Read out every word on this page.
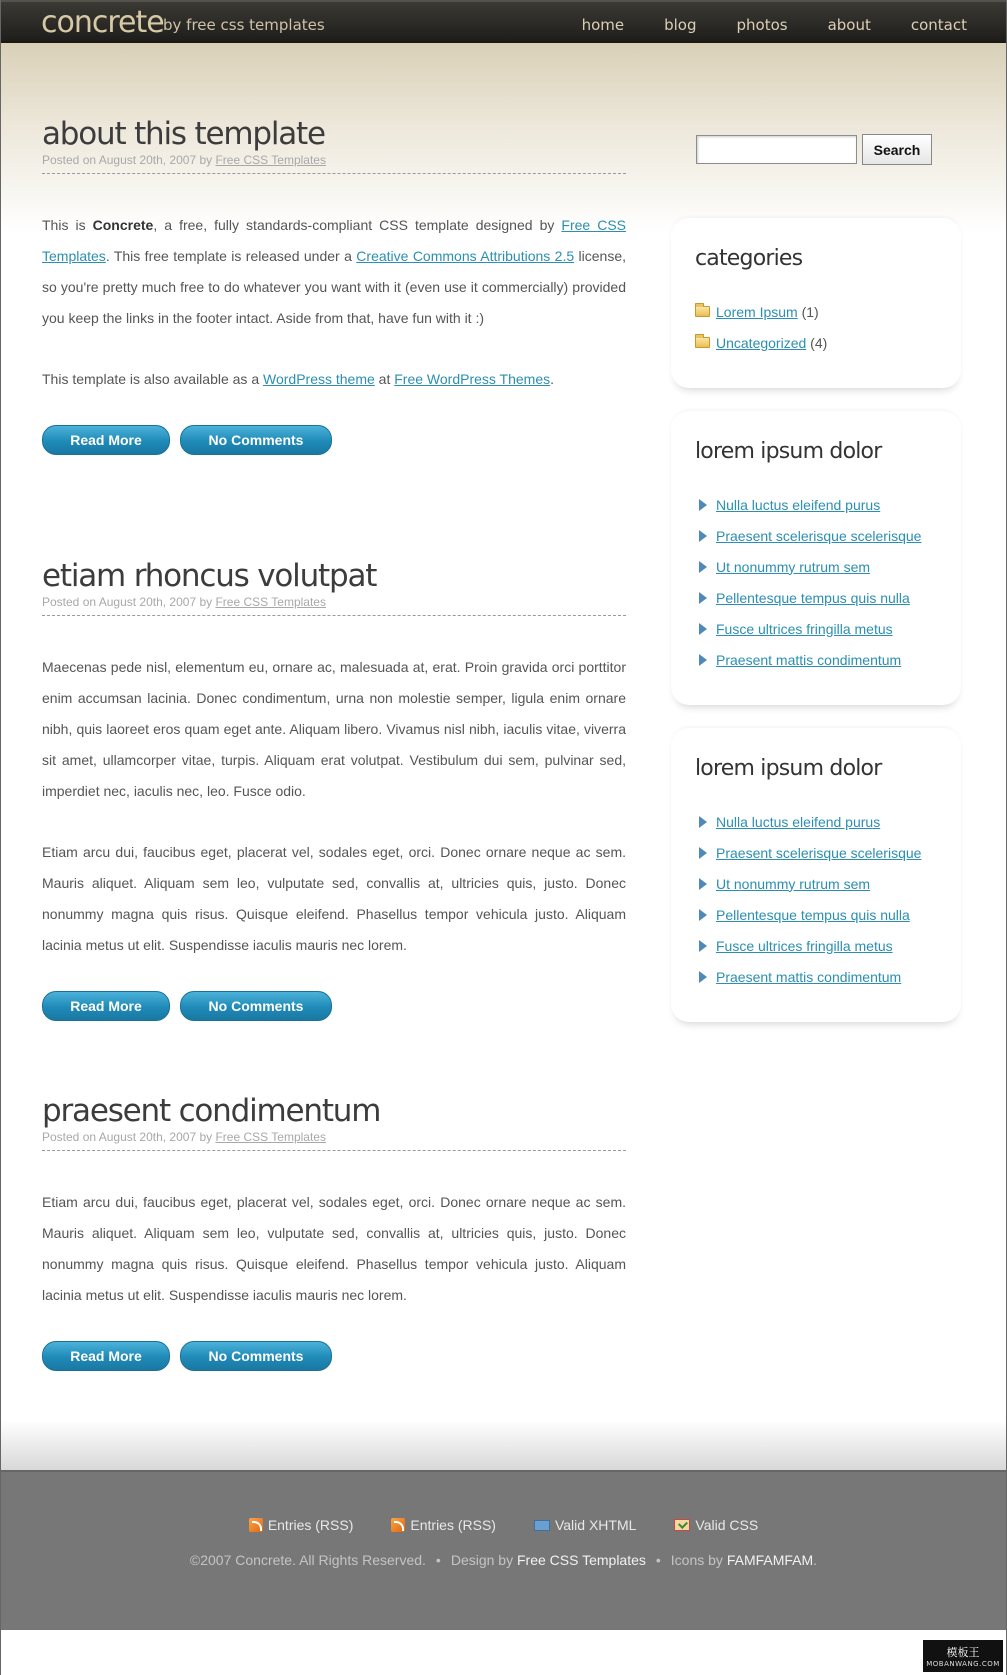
concrete by free css templates	home	blog	photos	about	contact
Search
about this template
Posted on August 20th, 2007 by Free CSS Templates

This is Concrete, a free, fully standards-compliant CSS template designed by Free CSS Templates. This free template is released under a Creative Commons Attributions 2.5 license, so you're pretty much free to do whatever you want with it (even use it commercially) provided you keep the links in the footer intact. Aside from that, have fun with it :)

This template is also available as a WordPress theme at Free WordPress Themes.

Read More	No Comments
etiam rhoncus volutpat
Posted on August 20th, 2007 by Free CSS Templates

Maecenas pede nisl, elementum eu, ornare ac, malesuada at, erat. Proin gravida orci porttitor enim accumsan lacinia. Donec condimentum, urna non molestie semper, ligula enim ornare nibh, quis laoreet eros quam eget ante. Aliquam libero. Vivamus nisl nibh, iaculis vitae, viverra sit amet, ullamcorper vitae, turpis. Aliquam erat volutpat. Vestibulum dui sem, pulvinar sed, imperdiet nec, iaculis nec, leo. Fusce odio.

Etiam arcu dui, faucibus eget, placerat vel, sodales eget, orci. Donec ornare neque ac sem. Mauris aliquet. Aliquam sem leo, vulputate sed, convallis at, ultricies quis, justo. Donec nonummy magna quis risus. Quisque eleifend. Phasellus tempor vehicula justo. Aliquam lacinia metus ut elit. Suspendisse iaculis mauris nec lorem.

Read More	No Comments
praesent condimentum
Posted on August 20th, 2007 by Free CSS Templates

Etiam arcu dui, faucibus eget, placerat vel, sodales eget, orci. Donec ornare neque ac sem. Mauris aliquet. Aliquam sem leo, vulputate sed, convallis at, ultricies quis, justo. Donec nonummy magna quis risus. Quisque eleifend. Phasellus tempor vehicula justo. Aliquam lacinia metus ut elit. Suspendisse iaculis mauris nec lorem.

Read More	No Comments
categories
Lorem Ipsum
(1)
Uncategorized
(4)
lorem ipsum dolor
Nulla luctus eleifend purus
Praesent scelerisque scelerisque
Ut nonummy rutrum sem
Pellentesque tempus quis nulla
Fusce ultrices fringilla metus
Praesent mattis condimentum
lorem ipsum dolor
Nulla luctus eleifend purus
Praesent scelerisque scelerisque
Ut nonummy rutrum sem
Pellentesque tempus quis nulla
Fusce ultrices fringilla metus
Praesent mattis condimentum
Entries (RSS)	Entries (RSS)	Valid XHTML	Valid CSS
©2007 Concrete. All Rights Reserved. • Design by Free CSS Templates • Icons by FAMFAMFAM.
模板王
MOBANWANG.COM
